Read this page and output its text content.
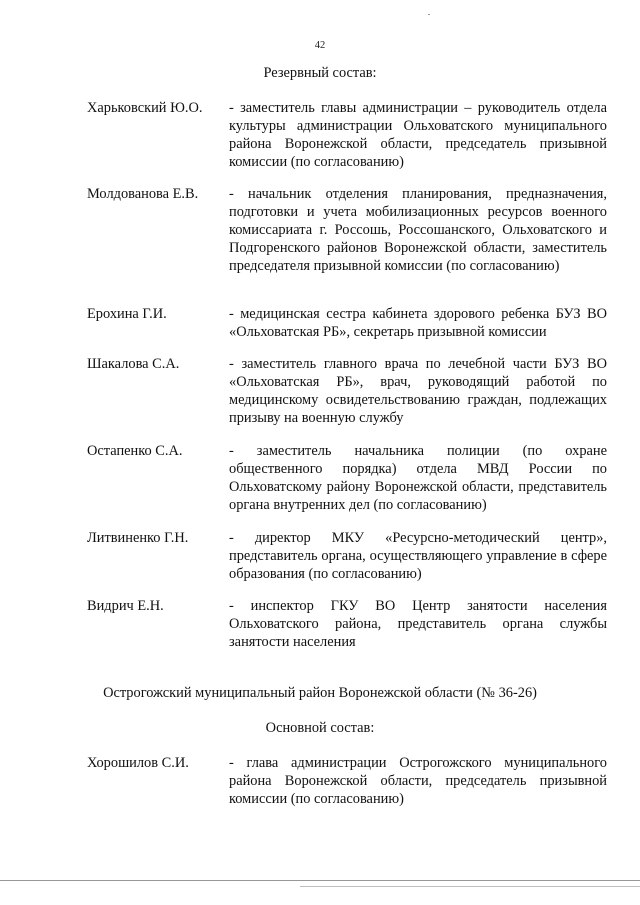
42
Резервный состав:
Харьковский Ю.О.	- заместитель главы администрации – руководитель отдела культуры администрации Ольховатского муниципального района Воронежской области, председатель призывной комиссии (по согласованию)
Молдованова Е.В.	- начальник отделения планирования, предназначения, подготовки и учета мобилизационных ресурсов военного комиссариата г. Россошь, Россошанского, Ольховатского и Подгоренского районов Воронежской области, заместитель председателя призывной комиссии (по согласованию)
Ерохина Г.И.	- медицинская сестра кабинета здорового ребенка БУЗ ВО «Ольховатская РБ», секретарь призывной комиссии
Шакалова С.А.	- заместитель главного врача по лечебной части БУЗ ВО «Ольховатская РБ», врач, руководящий работой по медицинскому освидетельствованию граждан, подлежащих призыву на военную службу
Остапенко С.А.	- заместитель начальника полиции (по охране общественного порядка) отдела МВД России по Ольховатскому району Воронежской области, представитель органа внутренних дел (по согласованию)
Литвиненко Г.Н.	- директор МКУ «Ресурсно-методический центр», представитель органа, осуществляющего управление в сфере образования (по согласованию)
Видрич Е.Н.	- инспектор ГКУ ВО Центр занятости населения Ольховатского района, представитель органа службы занятости населения
Острогожский муниципальный район Воронежской области (№ 36-26)
Основной состав:
Хорошилов С.И.	- глава администрации Острогожского муниципального района Воронежской области, председатель призывной комиссии (по согласованию)
